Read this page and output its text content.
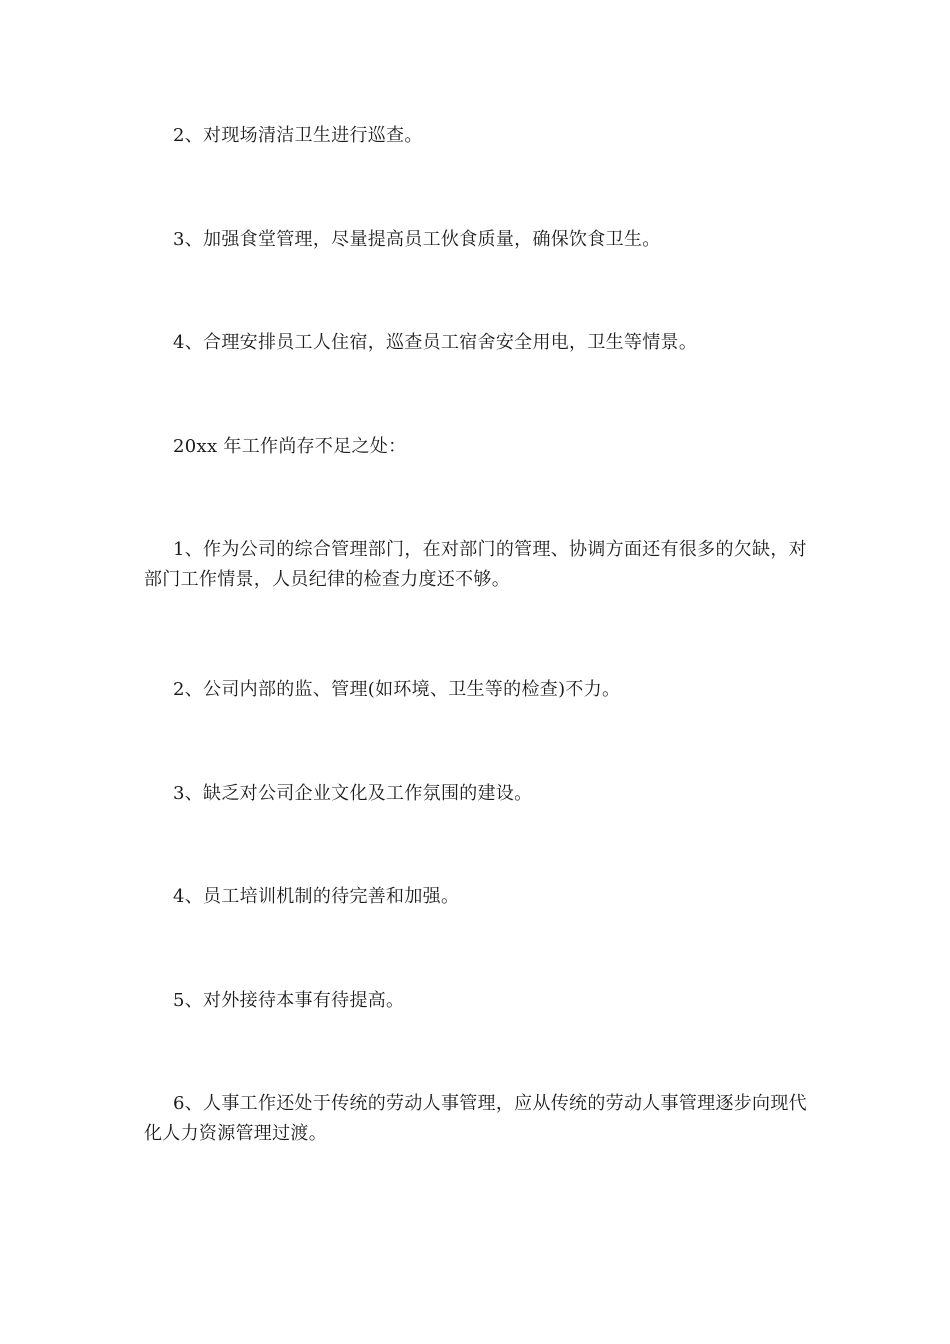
2、对现场清洁卫生进行巡查。

3、加强食堂管理，尽量提高员工伙食质量，确保饮食卫生。

4、合理安排员工人住宿，巡查员工宿舍安全用电，卫生等情景。

20xx 年工作尚存不足之处：

1、作为公司的综合管理部门，在对部门的管理、协调方面还有很多的欠缺，对部门工作情景，人员纪律的检查力度还不够。

2、公司内部的监、管理(如环境、卫生等的检查)不力。

3、缺乏对公司企业文化及工作氛围的建设。

4、员工培训机制的待完善和加强。

5、对外接待本事有待提高。

6、人事工作还处于传统的劳动人事管理，应从传统的劳动人事管理逐步向现代化人力资源管理过渡。
